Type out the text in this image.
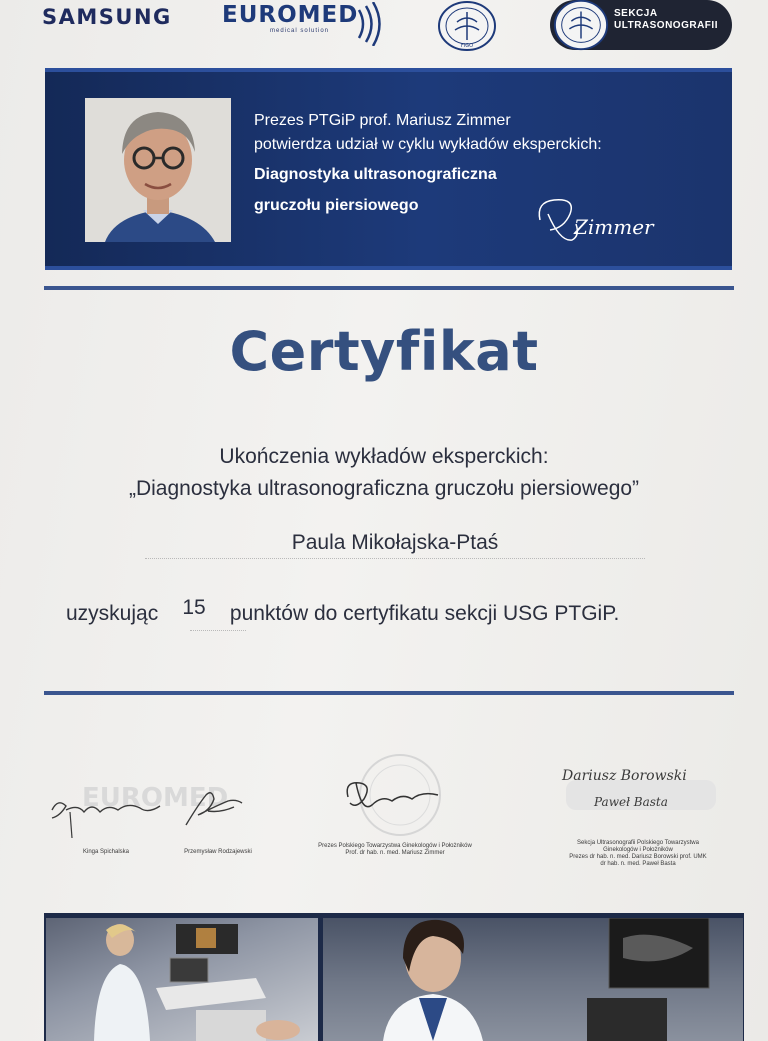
SAMSUNG EUROMED
medical solution
FIGO
SEKCJA
ULTRASONOGRAFII
Prezes PTGiP prof. Mariusz Zimmer
potwierdza udział w cyklu wykładów eksperckich:
Diagnostyka ultrasonograficzna
gruczołu piersiowego
Zimmer
Certyfikat
Ukończenia wykładów eksperckich:
„Diagnostyka ultrasonograficzna gruczołu piersiowego”
Paula Mikołajska-Ptaś
uzyskując 15 punktów do certyfikatu sekcji USG PTGiP.
EUROMED
Kinga Spichalska	Przemysław Rodzajewski
Prezes Polskiego Towarzystwa Ginekologów i Położników
Prof. dr hab. n. med. Mariusz Zimmer
Dariusz Borowski
Paweł Basta
Sekcja Ultrasonografii Polskiego Towarzystwa
Ginekologów i Położników
Prezes dr hab. n. med. Dariusz Borowski prof. UMK
dr hab. n. med. Paweł Basta
